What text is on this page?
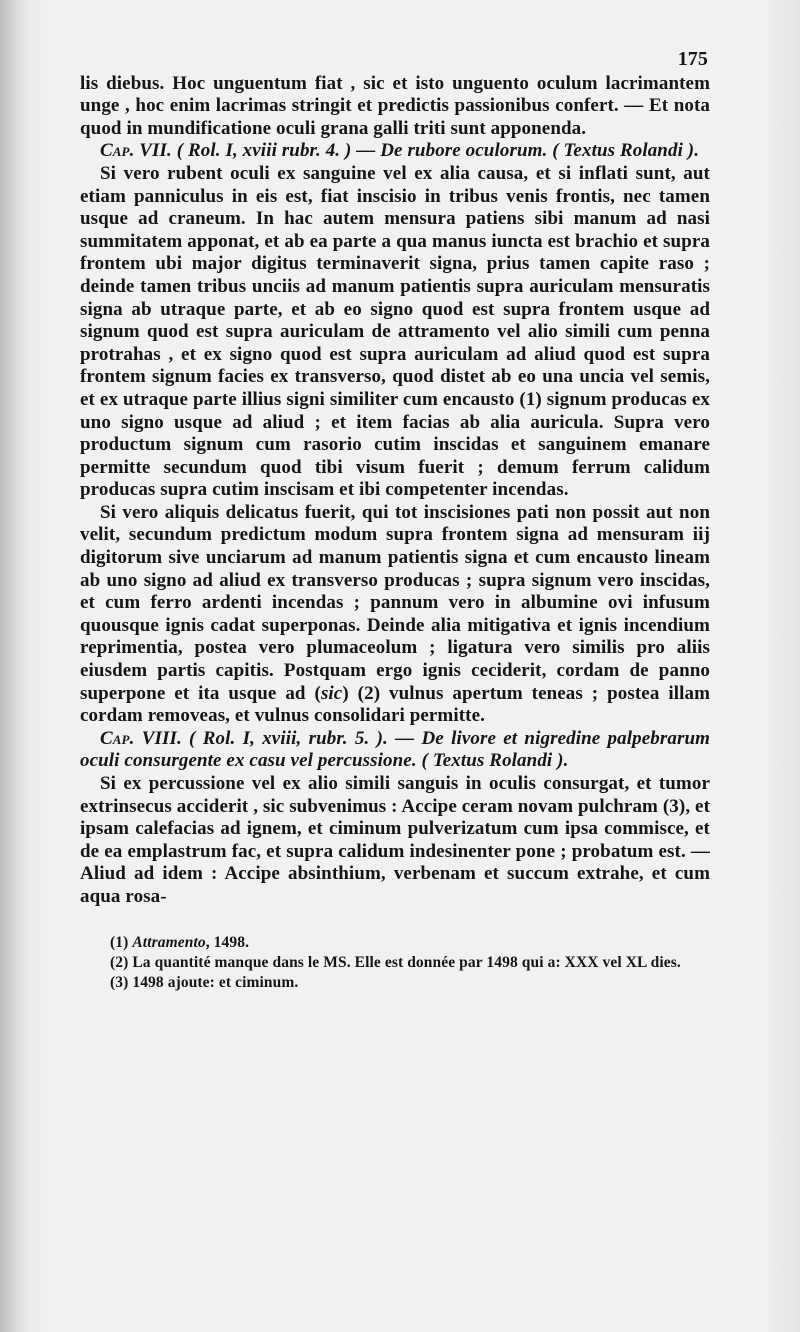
175

lis diebus. Hoc unguentum fiat , sic et isto unguento oculum lacrimantem unge , hoc enim lacrimas stringit et predictis passionibus confert. — Et nota quod in mundificatione oculi grana galli triti sunt apponenda.

Cap. VII. ( Rol. I, xviii rubr. 4. ) — De rubore oculorum. ( Textus Rolandi ).

Si vero rubent oculi ex sanguine vel ex alia causa, et si inflati sunt, aut etiam panniculus in eis est, fiat inscisio in tribus venis frontis, nec tamen usque ad craneum. In hac autem mensura patiens sibi manum ad nasi summitatem apponat, et ab ea parte a qua manus iuncta est brachio et supra frontem ubi major digitus terminaverit signa, prius tamen capite raso ; deinde tamen tribus unciis ad manum patientis supra auriculam mensuratis signa ab utraque parte, et ab eo signo quod est supra frontem usque ad signum quod est supra auriculam de attramento vel alio simili cum penna protrahas , et ex signo quod est supra auriculam ad aliud quod est supra frontem signum facies ex transverso, quod distet ab eo una uncia vel semis, et ex utraque parte illius signi similiter cum encausto (1) signum producas ex uno signo usque ad aliud ; et item facias ab alia auricula. Supra vero productum signum cum rasorio cutim inscidas et sanguinem emanare permitte secundum quod tibi visum fuerit ; demum ferrum calidum producas supra cutim inscisam et ibi competenter incendas.

Si vero aliquis delicatus fuerit, qui tot inscisiones pati non possit aut non velit, secundum predictum modum supra frontem signa ad mensuram iij digitorum sive unciarum ad manum patientis signa et cum encausto lineam ab uno signo ad aliud ex transverso producas ; supra signum vero inscidas, et cum ferro ardenti incendas ; pannum vero in albumine ovi infusum quousque ignis cadat superponas. Deinde alia mitigativa et ignis incendium reprimentia, postea vero plumaceolum ; ligatura vero similis pro aliis eiusdem partis capitis. Postquam ergo ignis ceciderit, cordam de panno superpone et ita usque ad (sic) (2) vulnus apertum teneas ; postea illam cordam removeas, et vulnus consolidari permitte.

Cap. VIII. ( Rol. I, xviii, rubr. 5. ). — De livore et nigredine palpebrarum oculi consurgente ex casu vel percussione. ( Textus Rolandi ).

Si ex percussione vel ex alio simili sanguis in oculis consurgat, et tumor extrinsecus acciderit , sic subvenimus : Accipe ceram novam pulchram (3), et ipsam calefacias ad ignem, et ciminum pulverizatum cum ipsa commisce, et de ea emplastrum fac, et supra calidum indesinenter pone ; probatum est. — Aliud ad idem : Accipe absinthium, verbenam et succum extrahe, et cum aqua rosa-

(1) Attramento, 1498.

(2) La quantité manque dans le MS. Elle est donnée par 1498 qui a: XXX vel XL dies.

(3) 1498 ajoute: et ciminum.
